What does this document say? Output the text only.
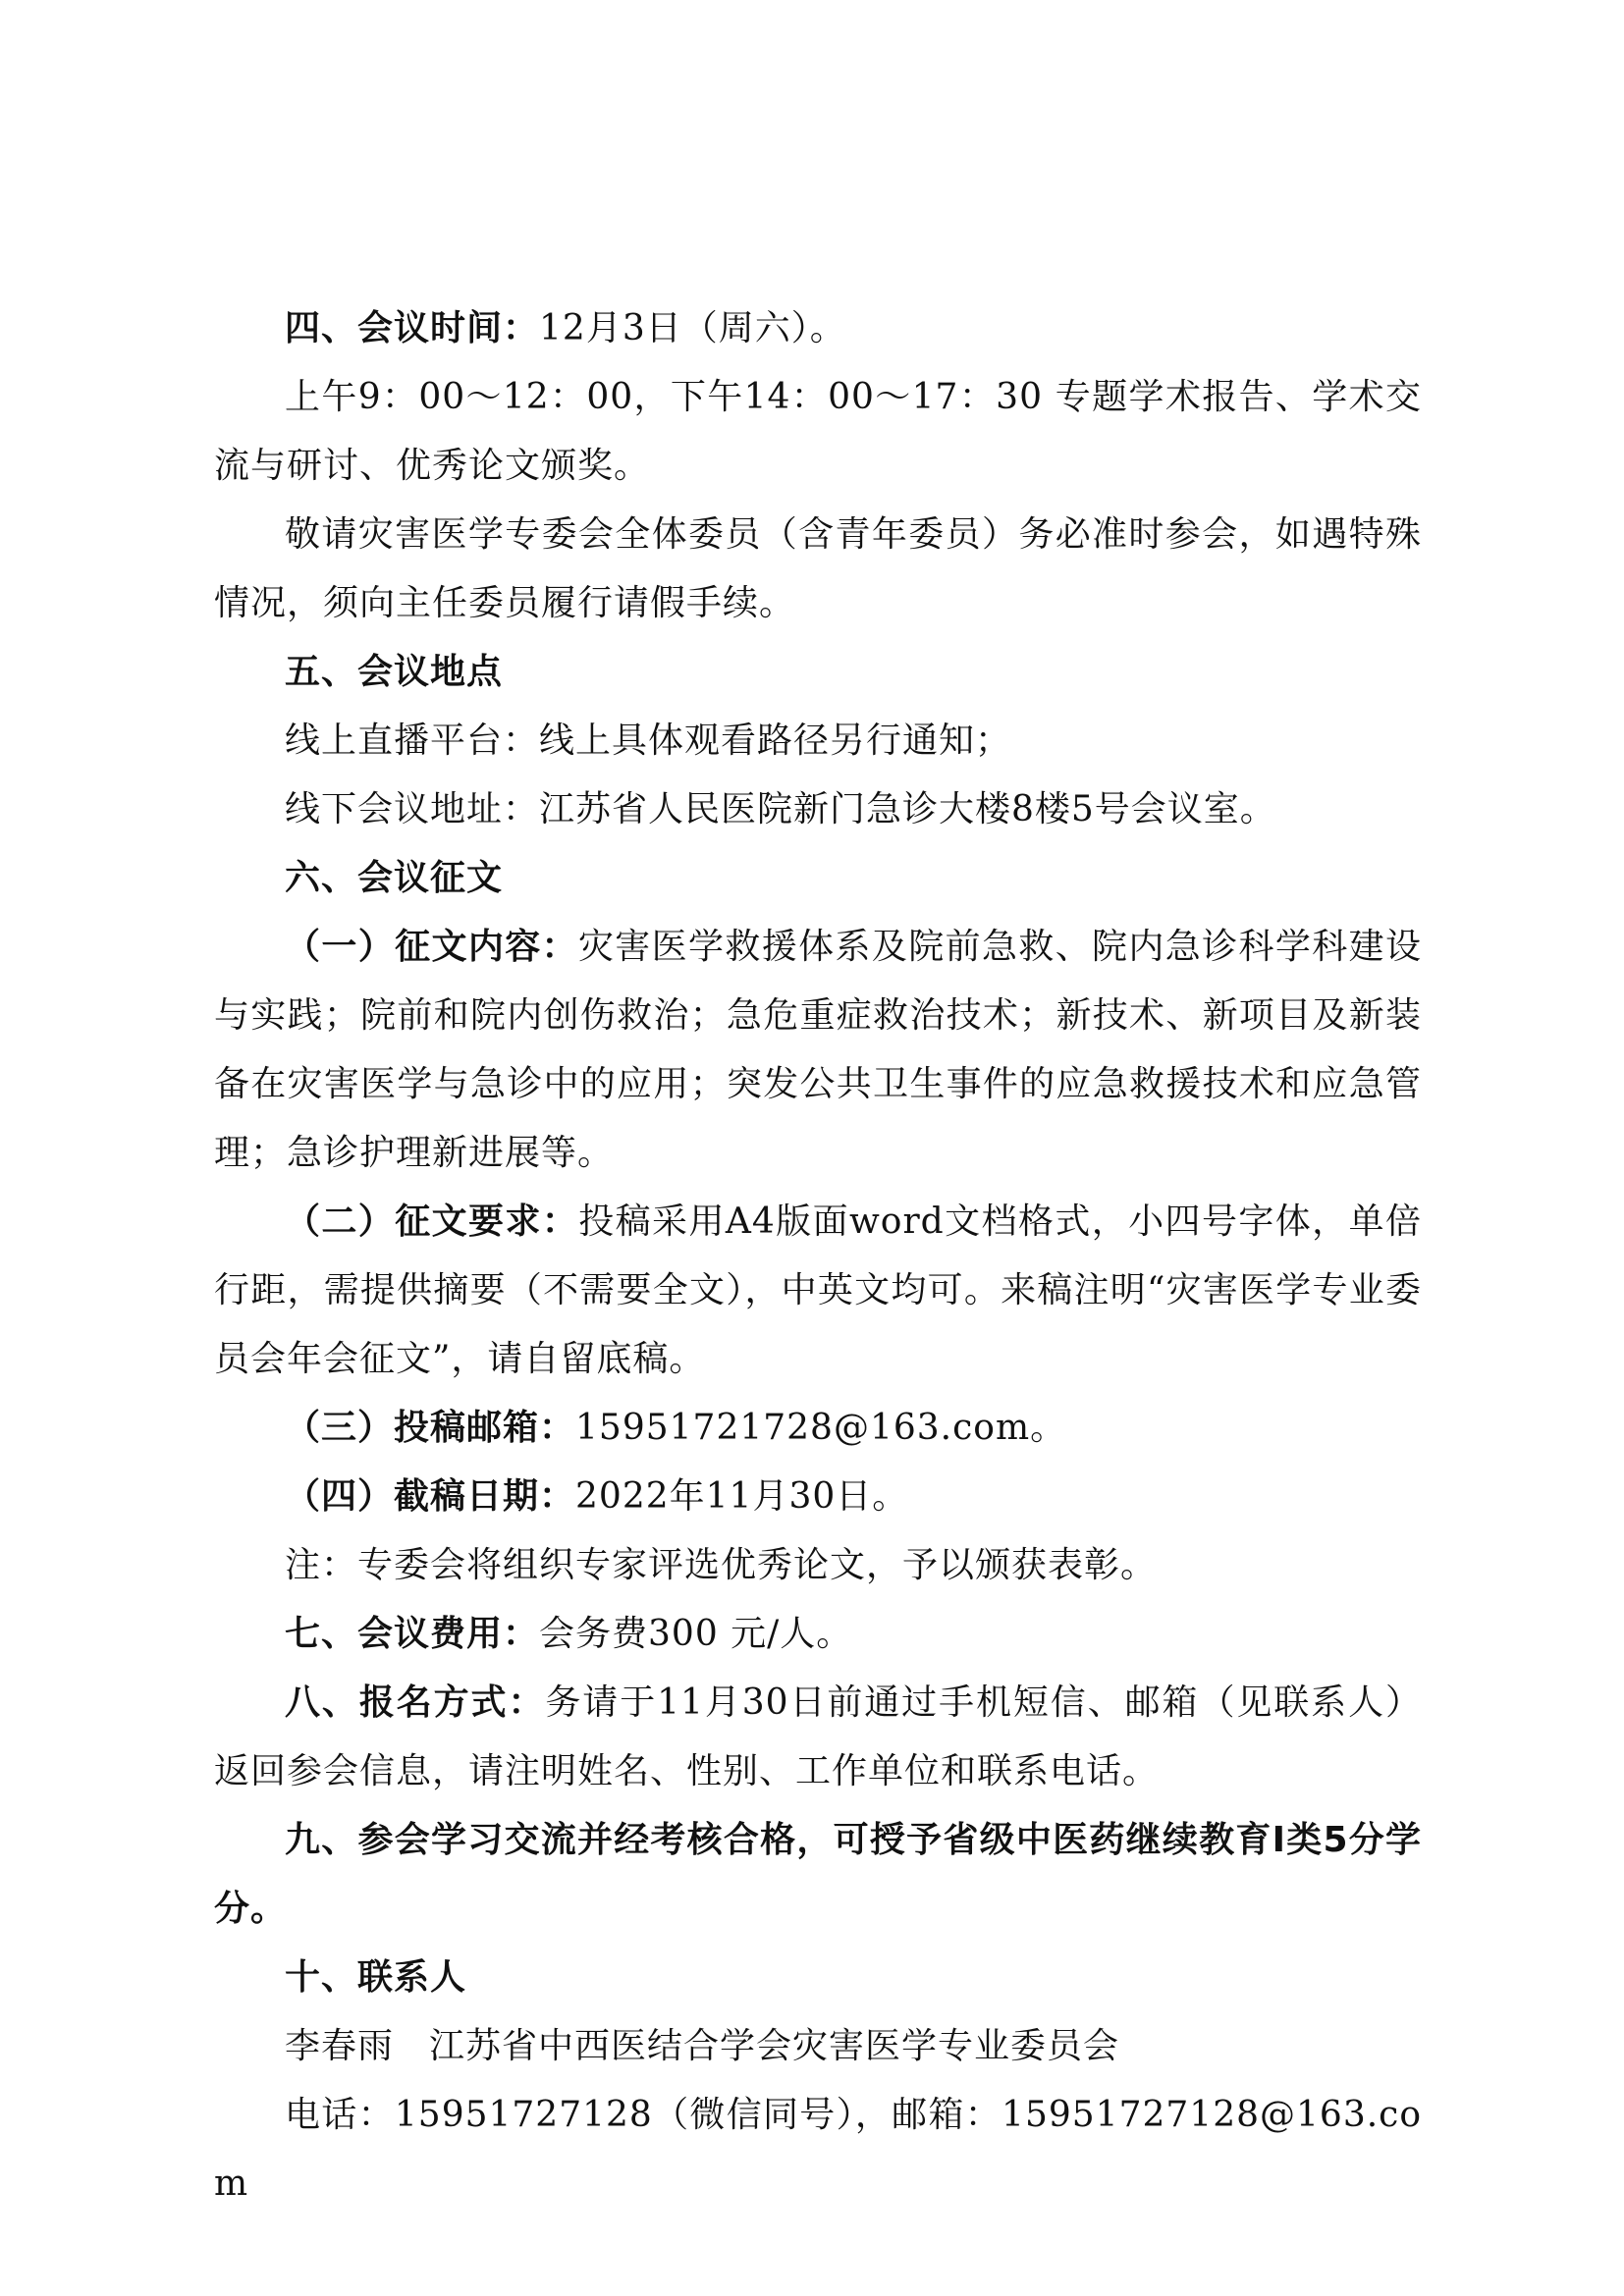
四、会议时间：12月3日（周六）。

上午9：00～12：00，下午14：00～17：30 专题学术报告、学术交流与研讨、优秀论文颁奖。

敬请灾害医学专委会全体委员（含青年委员）务必准时参会，如遇特殊情况，须向主任委员履行请假手续。

五、会议地点

线上直播平台：线上具体观看路径另行通知；

线下会议地址：江苏省人民医院新门急诊大楼8楼5号会议室。

六、会议征文

（一）征文内容：灾害医学救援体系及院前急救、院内急诊科学科建设与实践；院前和院内创伤救治；急危重症救治技术；新技术、新项目及新装备在灾害医学与急诊中的应用；突发公共卫生事件的应急救援技术和应急管理；急诊护理新进展等。

（二）征文要求：投稿采用A4版面word文档格式，小四号字体，单倍行距，需提供摘要（不需要全文），中英文均可。来稿注明“灾害医学专业委员会年会征文”，请自留底稿。

（三）投稿邮箱：15951721728@163.com。

（四）截稿日期：2022年11月30日。

注：专委会将组织专家评选优秀论文，予以颁获表彰。

七、会议费用：会务费300 元/人。

八、报名方式：务请于11月30日前通过手机短信、邮箱（见联系人）返回参会信息，请注明姓名、性别、工作单位和联系电话。

九、参会学习交流并经考核合格，可授予省级中医药继续教育Ⅰ类5分学分。

十、联系人

李春雨 江苏省中西医结合学会灾害医学专业委员会

电话：15951727128（微信同号），邮箱：15951727128@163.com
